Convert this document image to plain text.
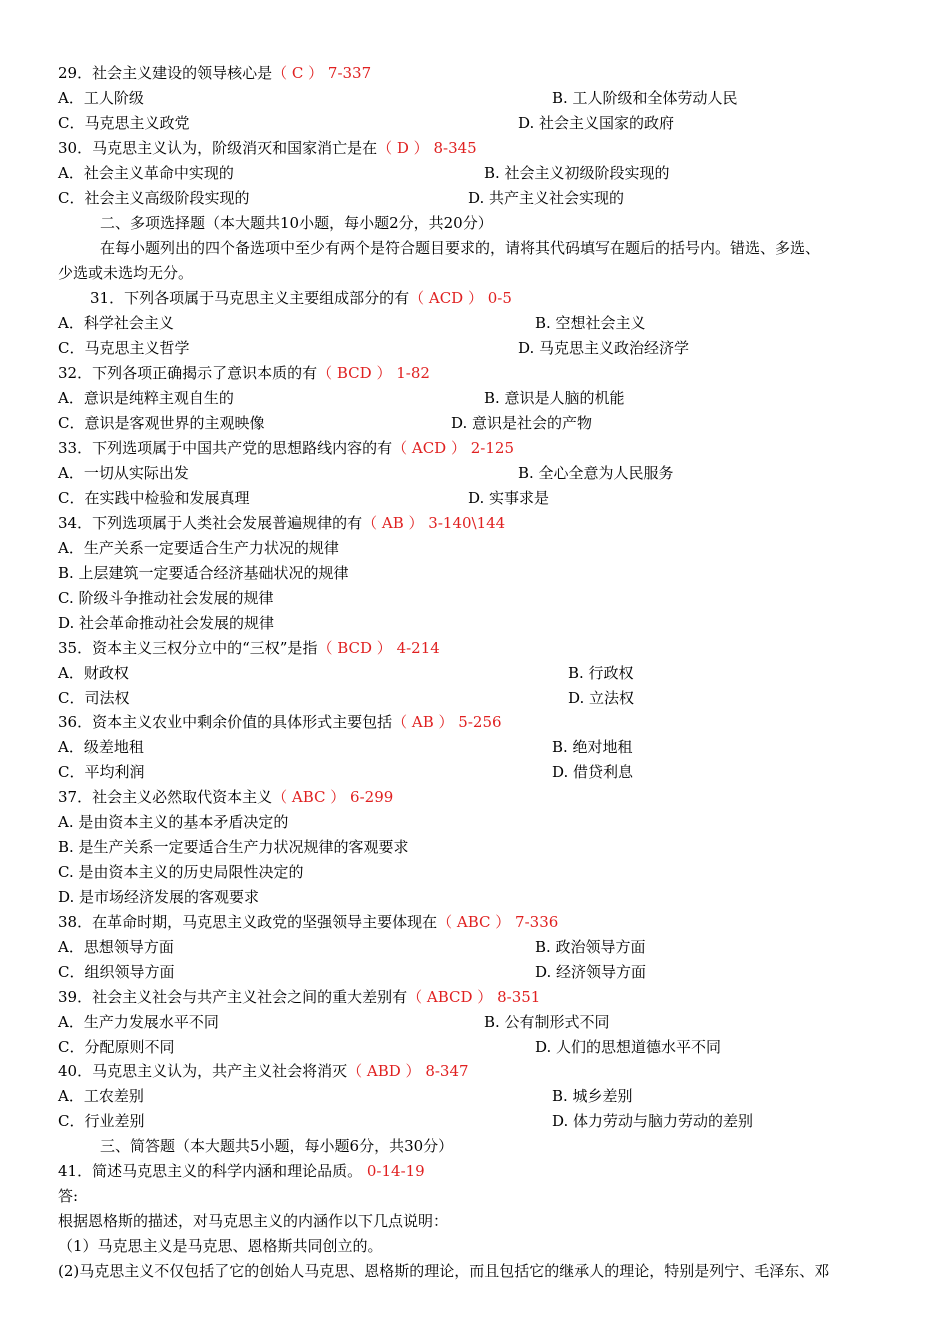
29．社会主义建设的领导核心是（ C ） 7-337
A．工人阶级	B. 工人阶级和全体劳动人民
C．马克思主义政党	D. 社会主义国家的政府
30．马克思主义认为，阶级消灭和国家消亡是在（ D ） 8-345
A．社会主义革命中实现的	B. 社会主义初级阶段实现的
C．社会主义高级阶段实现的	D. 共产主义社会实现的
二、多项选择题（本大题共10小题，每小题2分，共20分）
在每小题列出的四个备选项中至少有两个是符合题目要求的，请将其代码填写在题后的括号内。错选、多选、
少选或未选均无分。
31．下列各项属于马克思主义主要组成部分的有（ ACD ） 0-5
A．科学社会主义	B. 空想社会主义
C．马克思主义哲学	D. 马克思主义政治经济学
32．下列各项正确揭示了意识本质的有（ BCD ） 1-82
A．意识是纯粹主观自生的	B. 意识是人脑的机能
C．意识是客观世界的主观映像	D. 意识是社会的产物
33．下列选项属于中国共产党的思想路线内容的有（ ACD ） 2-125
A．一切从实际出发	B. 全心全意为人民服务
C．在实践中检验和发展真理	D. 实事求是
34．下列选项属于人类社会发展普遍规律的有（ AB ） 3-140\144
A．生产关系一定要适合生产力状况的规律
B. 上层建筑一定要适合经济基础状况的规律
C. 阶级斗争推动社会发展的规律
D. 社会革命推动社会发展的规律
35．资本主义三权分立中的“三权”是指（ BCD ） 4-214
A．财政权	B. 行政权
C．司法权	D. 立法权
36．资本主义农业中剩余价值的具体形式主要包括（ AB ） 5-256
A．级差地租	B. 绝对地租
C．平均利润	D. 借贷利息
37．社会主义必然取代资本主义（ ABC ） 6-299
A. 是由资本主义的基本矛盾决定的
B. 是生产关系一定要适合生产力状况规律的客观要求
C. 是由资本主义的历史局限性决定的
D. 是市场经济发展的客观要求
38．在革命时期，马克思主义政党的坚强领导主要体现在（ ABC ） 7-336
A．思想领导方面	B. 政治领导方面
C．组织领导方面	D. 经济领导方面
39．社会主义社会与共产主义社会之间的重大差别有（ ABCD ） 8-351
A．生产力发展水平不同	B. 公有制形式不同
C．分配原则不同	D. 人们的思想道德水平不同
40．马克思主义认为，共产主义社会将消灭（ ABD ） 8-347
A．工农差别	B. 城乡差别
C．行业差别	D. 体力劳动与脑力劳动的差别
三、简答题（本大题共5小题，每小题6分，共30分）
41．简述马克思主义的科学内涵和理论品质。 0-14-19
答:
根据恩格斯的描述，对马克思主义的内涵作以下几点说明：
（1）马克思主义是马克思、恩格斯共同创立的。
(2)马克思主义不仅包括了它的创始人马克思、恩格斯的理论，而且包括它的继承人的理论，特别是列宁、毛泽东、邓
